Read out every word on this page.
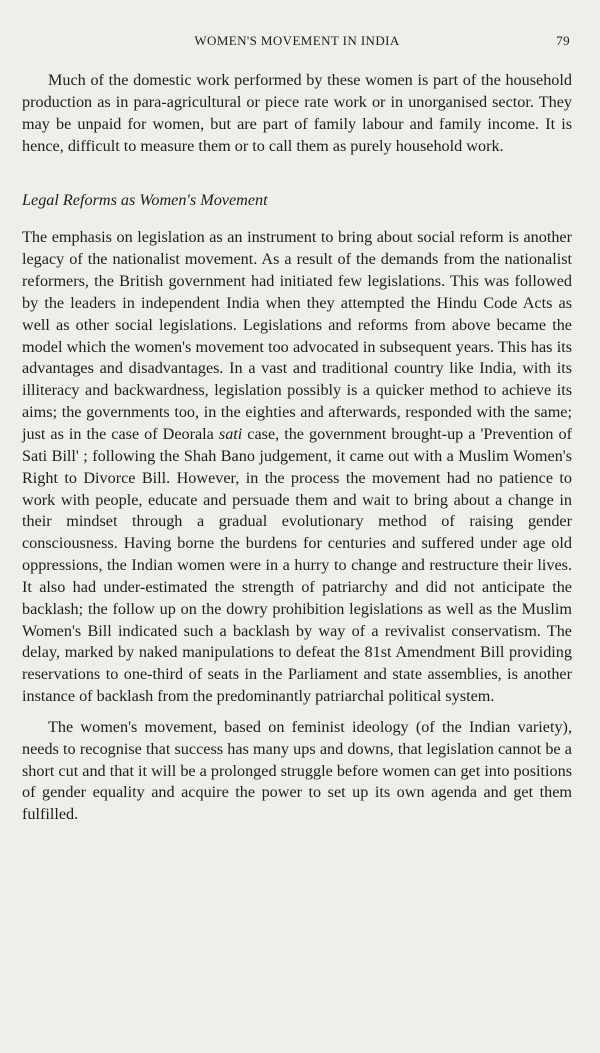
WOMEN'S MOVEMENT IN INDIA	79

Much of the domestic work performed by these women is part of the household production as in para-agricultural or piece rate work or in unorganised sector. They may be unpaid for women, but are part of family labour and family income. It is hence, difficult to measure them or to call them as purely household work.

Legal Reforms as Women's Movement

The emphasis on legislation as an instrument to bring about social reform is another legacy of the nationalist movement. As a result of the demands from the nationalist reformers, the British government had initiated few legislations. This was followed by the leaders in independent India when they attempted the Hindu Code Acts as well as other social legislations. Legislations and reforms from above became the model which the women's movement too advocated in subsequent years. This has its advantages and disadvantages. In a vast and traditional country like India, with its illiteracy and backwardness, legislation possibly is a quicker method to achieve its aims; the governments too, in the eighties and afterwards, responded with the same; just as in the case of Deorala sati case, the government brought-up a 'Prevention of Sati Bill' ; following the Shah Bano judgement, it came out with a Muslim Women's Right to Divorce Bill. However, in the process the movement had no patience to work with people, educate and persuade them and wait to bring about a change in their mindset through a gradual evolutionary method of raising gender consciousness. Having borne the burdens for centuries and suffered under age old oppressions, the Indian women were in a hurry to change and restructure their lives. It also had under-estimated the strength of patriarchy and did not anticipate the backlash; the follow up on the dowry prohibition legislations as well as the Muslim Women's Bill indicated such a backlash by way of a revivalist conservatism. The delay, marked by naked manipulations to defeat the 81st Amendment Bill providing reservations to one-third of seats in the Parliament and state assemblies, is another instance of backlash from the predominantly patriarchal political system.

The women's movement, based on feminist ideology (of the Indian variety), needs to recognise that success has many ups and downs, that legislation cannot be a short cut and that it will be a prolonged struggle before women can get into positions of gender equality and acquire the power to set up its own agenda and get them fulfilled.
